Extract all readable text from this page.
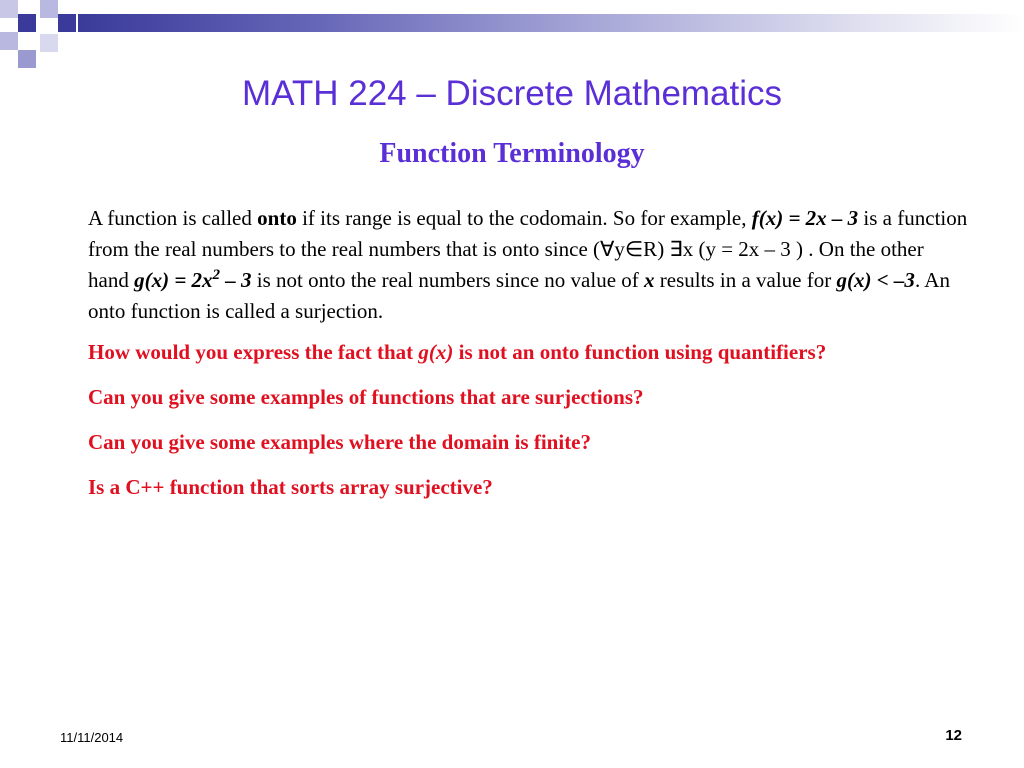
MATH 224 – Discrete Mathematics
Function Terminology

A function is called onto if its range is equal to the codomain. So for example, f(x) = 2x – 3 is a function from the real numbers to the real numbers that is onto since (∀y∈R) ∃x (y = 2x – 3 ) . On the other hand $g(x) = 2x^2 - 3$ is not onto the real numbers since no value of x results in a value for g(x) < –3. An onto function is called a surjection.

How would you express the fact that g(x) is not an onto function using quantifiers?

Can you give some examples of functions that are surjections?

Can you give some examples where the domain is finite?

Is a C++ function that sorts array surjective?

11/11/2014	12
